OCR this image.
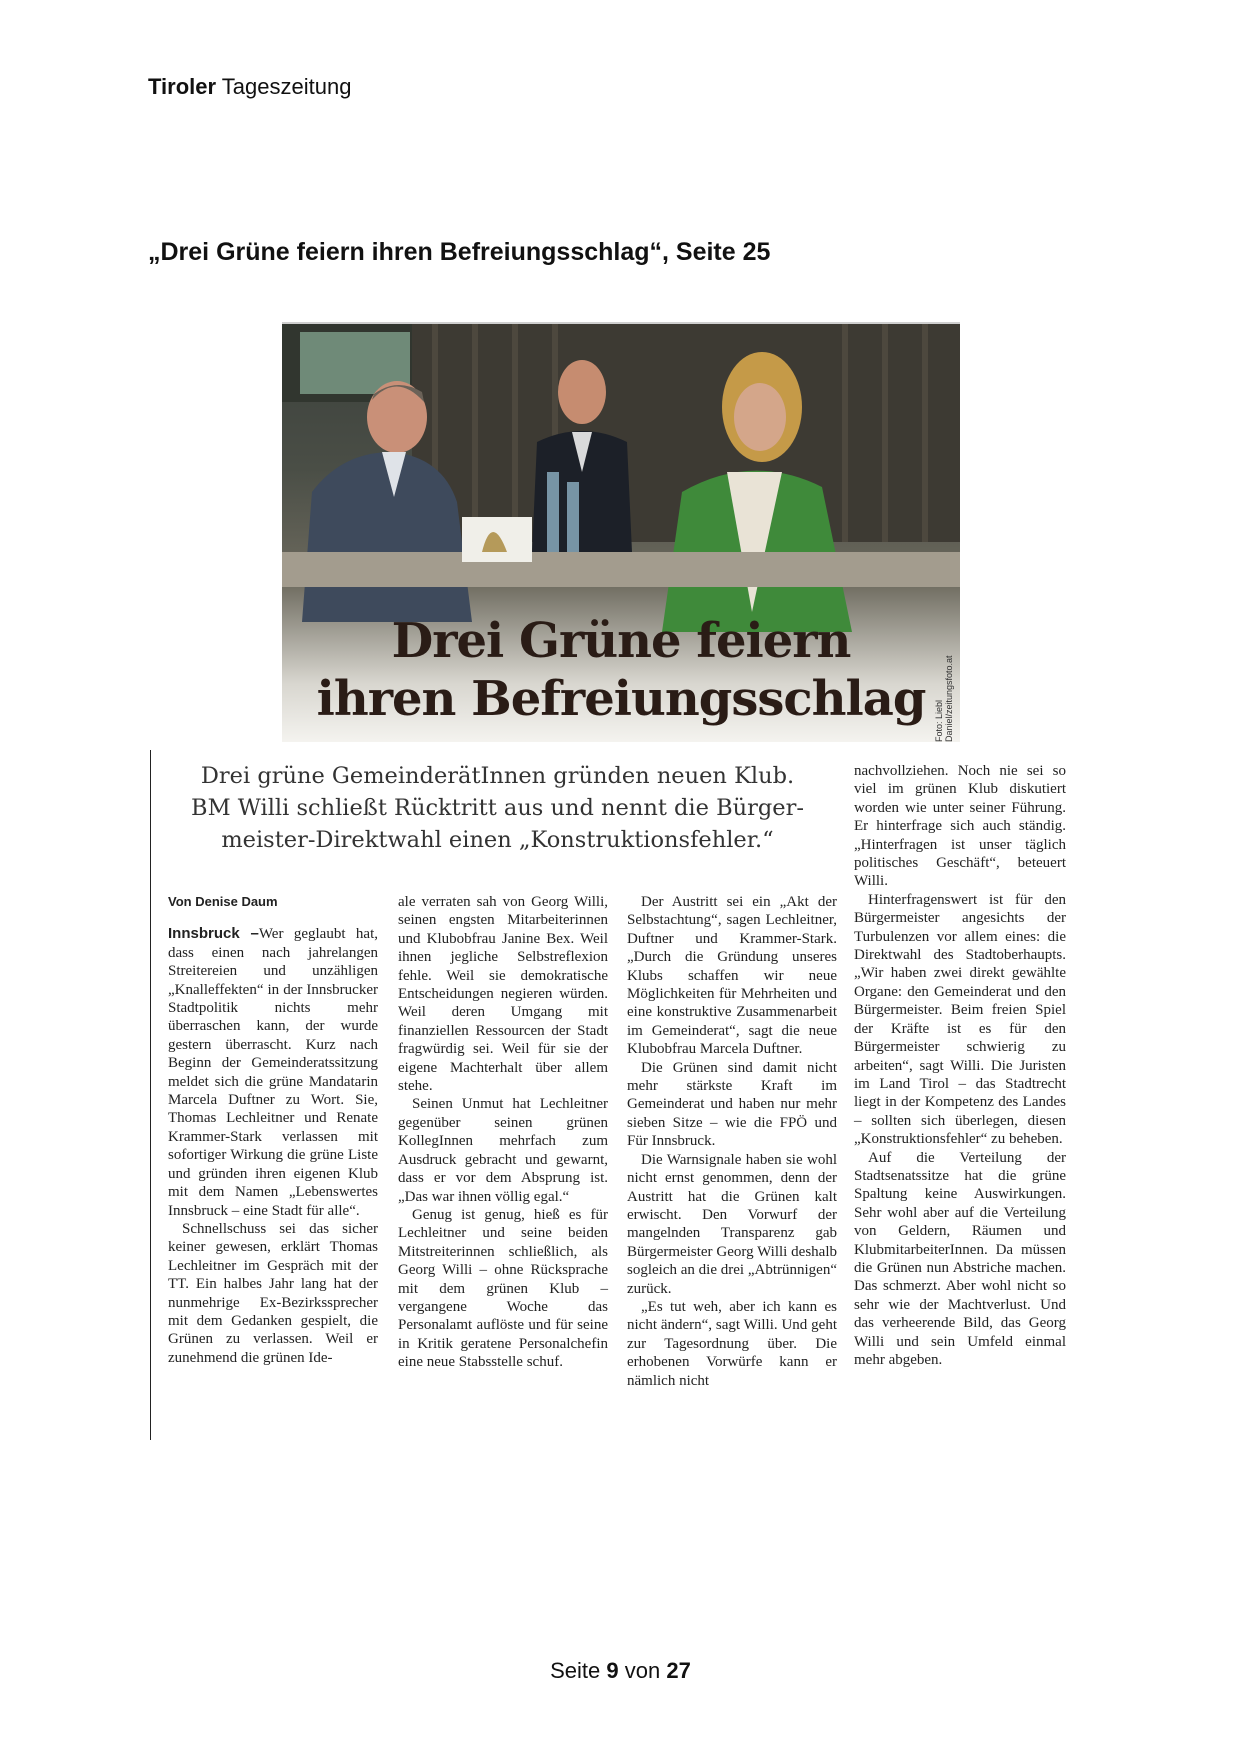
Tiroler Tageszeitung
„Drei Grüne feiern ihren Befreiungsschlag“, Seite 25
Drei Grüne feiern
ihren Befreiungsschlag Foto: Liebl Daniel/zeitungsfoto.at
Drei grüne GemeinderätInnen gründen neuen Klub.
BM Willi schließt Rücktritt aus und nennt die Bürger-
meister-Direktwahl einen „Konstruktionsfehler.“
Von Denise Daum

Innsbruck –Wer geglaubt hat, dass einen nach jahrelangen Streitereien und unzähligen „Knalleffekten“ in der Innsbrucker Stadtpolitik nichts mehr überraschen kann, der wurde gestern überrascht. Kurz nach Beginn der Gemeinderatssitzung meldet sich die grüne Mandatarin Marcela Duftner zu Wort. Sie, Thomas Lechleitner und Renate Krammer-Stark verlassen mit sofortiger Wirkung die grüne Liste und gründen ihren eigenen Klub mit dem Namen „Lebenswertes Innsbruck – eine Stadt für alle“.

Schnellschuss sei das sicher keiner gewesen, erklärt Thomas Lechleitner im Gespräch mit der TT. Ein halbes Jahr lang hat der nunmehrige Ex-Bezirkssprecher mit dem Gedanken gespielt, die Grünen zu verlassen. Weil er zunehmend die grünen Ide-

ale verraten sah von Georg Willi, seinen engsten Mitarbeiterinnen und Klubobfrau Janine Bex. Weil ihnen jegliche Selbstreflexion fehle. Weil sie demokratische Entscheidungen negieren würden. Weil deren Umgang mit finanziellen Ressourcen der Stadt fragwürdig sei. Weil für sie der eigene Machterhalt über allem stehe.

Seinen Unmut hat Lechleitner gegenüber seinen grünen KollegInnen mehrfach zum Ausdruck gebracht und gewarnt, dass er vor dem Absprung ist. „Das war ihnen völlig egal.“

Genug ist genug, hieß es für Lechleitner und seine beiden Mitstreiterinnen schließlich, als Georg Willi – ohne Rücksprache mit dem grünen Klub – vergangene Woche das Personalamt auflöste und für seine in Kritik geratene Personalchefin eine neue Stabsstelle schuf.

Der Austritt sei ein „Akt der Selbstachtung“, sagen Lechleitner, Duftner und Krammer-Stark. „Durch die Gründung unseres Klubs schaffen wir neue Möglichkeiten für Mehrheiten und eine konstruktive Zusammenarbeit im Gemeinderat“, sagt die neue Klubobfrau Marcela Duftner.

Die Grünen sind damit nicht mehr stärkste Kraft im Gemeinderat und haben nur mehr sieben Sitze – wie die FPÖ und Für Innsbruck.

Die Warnsignale haben sie wohl nicht ernst genommen, denn der Austritt hat die Grünen kalt erwischt. Den Vorwurf der mangelnden Transparenz gab Bürgermeister Georg Willi deshalb sogleich an die drei „Abtrünnigen“ zurück.

„Es tut weh, aber ich kann es nicht ändern“, sagt Willi. Und geht zur Tagesordnung über. Die erhobenen Vorwürfe kann er nämlich nicht

nachvollziehen. Noch nie sei so viel im grünen Klub diskutiert worden wie unter seiner Führung. Er hinterfrage sich auch ständig. „Hinterfragen ist unser täglich politisches Geschäft“, beteuert Willi.

Hinterfragenswert ist für den Bürgermeister angesichts der Turbulenzen vor allem eines: die Direktwahl des Stadtoberhaupts. „Wir haben zwei direkt gewählte Organe: den Gemeinderat und den Bürgermeister. Beim freien Spiel der Kräfte ist es für den Bürgermeister schwierig zu arbeiten“, sagt Willi. Die Juristen im Land Tirol – das Stadtrecht liegt in der Kompetenz des Landes – sollten sich überlegen, diesen „Konstruktionsfehler“ zu beheben.

Auf die Verteilung der Stadtsenatssitze hat die grüne Spaltung keine Auswirkungen. Sehr wohl aber auf die Verteilung von Geldern, Räumen und KlubmitarbeiterInnen. Da müssen die Grünen nun Abstriche machen. Das schmerzt. Aber wohl nicht so sehr wie der Machtverlust. Und das verheerende Bild, das Georg Willi und sein Umfeld einmal mehr abgeben.

Seite 9 von 27
